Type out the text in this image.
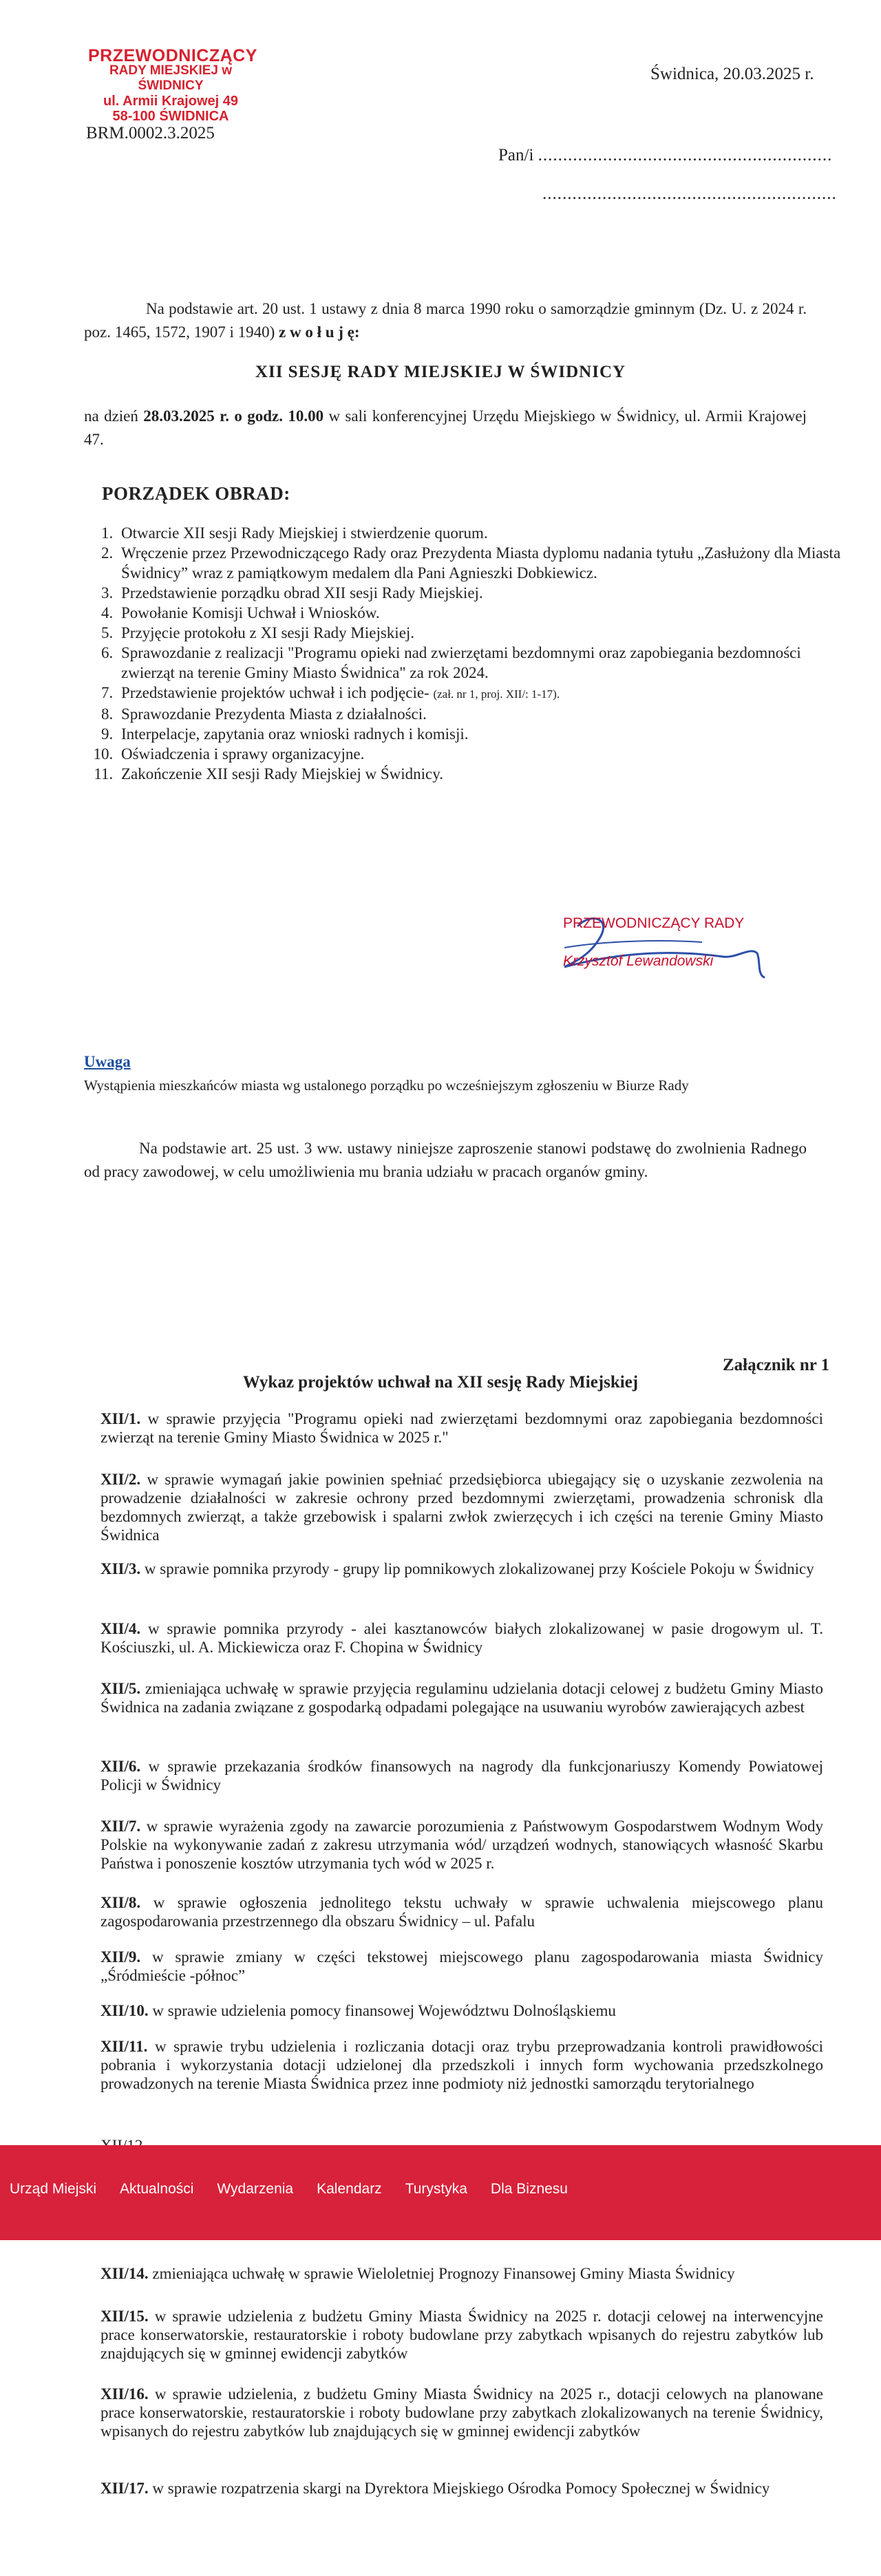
PRZEWODNICZĄCY
RADY MIEJSKIEJ w ŚWIDNICY
ul. Armii Krajowej 49
58-100 ŚWIDNICA
BRM.0002.3.2025
Świdnica, 20.03.2025 r.
Pan/i ...........................................................
...........................................................
Na podstawie art. 20 ust. 1 ustawy z dnia 8 marca 1990 roku o samorządzie gminnym (Dz. U. z 2024 r. poz. 1465, 1572, 1907 i 1940) z w o ł u j ę:
XII SESJĘ RADY MIEJSKIEJ W ŚWIDNICY
na dzień 28.03.2025 r. o godz. 10.00 w sali konferencyjnej Urzędu Miejskiego w Świdnicy, ul. Armii Krajowej 47.
PORZĄDEK OBRAD:
1. Otwarcie XII sesji Rady Miejskiej i stwierdzenie quorum.
2. Wręczenie przez Przewodniczącego Rady oraz Prezydenta Miasta dyplomu nadania tytułu „Zasłużony dla Miasta Świdnicy” wraz z pamiątkowym medalem dla Pani Agnieszki Dobkiewicz.
3. Przedstawienie porządku obrad XII sesji Rady Miejskiej.
4. Powołanie Komisji Uchwał i Wniosków.
5. Przyjęcie protokołu z XI sesji Rady Miejskiej.
6. Sprawozdanie z realizacji "Programu opieki nad zwierzętami bezdomnymi oraz zapobiegania bezdomności zwierząt na terenie Gminy Miasto Świdnica" za rok 2024.
7. Przedstawienie projektów uchwał i ich podjęcie- (zał. nr 1, proj. XII/: 1-17).
8. Sprawozdanie Prezydenta Miasta z działalności.
9. Interpelacje, zapytania oraz wnioski radnych i komisji.
10. Oświadczenia i sprawy organizacyjne.
11. Zakończenie XII sesji Rady Miejskiej w Świdnicy.
PRZEWODNICZĄCY RADY
Krzysztof Lewandowski
Uwaga
Wystąpienia mieszkańców miasta wg ustalonego porządku po wcześniejszym zgłoszeniu w Biurze Rady
Na podstawie art. 25 ust. 3 ww. ustawy niniejsze zaproszenie stanowi podstawę do zwolnienia Radnego od pracy zawodowej, w celu umożliwienia mu brania udziału w pracach organów gminy.
Załącznik nr 1
Wykaz projektów uchwał na XII sesję Rady Miejskiej
XII/1. w sprawie przyjęcia "Programu opieki nad zwierzętami bezdomnymi oraz zapobiegania bezdomności zwierząt na terenie Gminy Miasto Świdnica w 2025 r."
XII/2. w sprawie wymagań jakie powinien spełniać przedsiębiorca ubiegający się o uzyskanie zezwolenia na prowadzenie działalności w zakresie ochrony przed bezdomnymi zwierzętami, prowadzenia schronisk dla bezdomnych zwierząt, a także grzebowisk i spalarni zwłok zwierzęcych i ich części na terenie Gminy Miasto Świdnica
XII/3. w sprawie pomnika przyrody - grupy lip pomnikowych zlokalizowanej przy Kościele Pokoju w Świdnicy
XII/4. w sprawie pomnika przyrody - alei kasztanowców białych zlokalizowanej w pasie drogowym ul. T. Kościuszki, ul. A. Mickiewicza oraz F. Chopina w Świdnicy
XII/5. zmieniająca uchwałę w sprawie przyjęcia regulaminu udzielania dotacji celowej z budżetu Gminy Miasto Świdnica na zadania związane z gospodarką odpadami polegające na usuwaniu wyrobów zawierających azbest
XII/6. w sprawie przekazania środków finansowych na nagrody dla funkcjonariuszy Komendy Powiatowej Policji w Świdnicy
XII/7. w sprawie wyrażenia zgody na zawarcie porozumienia z Państwowym Gospodarstwem Wodnym Wody Polskie na wykonywanie zadań z zakresu utrzymania wód/ urządzeń wodnych, stanowiących własność Skarbu Państwa i ponoszenie kosztów utrzymania tych wód w 2025 r.
XII/8. w sprawie ogłoszenia jednolitego tekstu uchwały w sprawie uchwalenia miejscowego planu zagospodarowania przestrzennego dla obszaru Świdnicy – ul. Pafalu
XII/9. w sprawie zmiany w części tekstowej miejscowego planu zagospodarowania miasta Świdnicy „Śródmieście -północ”
XII/10. w sprawie udzielenia pomocy finansowej Województwu Dolnośląskiemu
XII/11. w sprawie trybu udzielenia i rozliczania dotacji oraz trybu przeprowadzania kontroli prawidłowości pobrania i wykorzystania dotacji udzielonej dla przedszkoli i innych form wychowania przedszkolnego prowadzonych na terenie Miasta Świdnica przez inne podmioty niż jednostki samorządu terytorialnego
Urząd Miejski Aktualności Wydarzenia Kalendarz Turystyka Dla Biznesu
XII/14. zmieniająca uchwałę w sprawie Wieloletniej Prognozy Finansowej Gminy Miasta Świdnicy
XII/15. w sprawie udzielenia z budżetu Gminy Miasta Świdnicy na 2025 r. dotacji celowej na interwencyjne prace konserwatorskie, restauratorskie i roboty budowlane przy zabytkach wpisanych do rejestru zabytków lub znajdujących się w gminnej ewidencji zabytków
XII/16. w sprawie udzielenia, z budżetu Gminy Miasta Świdnicy na 2025 r., dotacji celowych na planowane prace konserwatorskie, restauratorskie i roboty budowlane przy zabytkach zlokalizowanych na terenie Świdnicy, wpisanych do rejestru zabytków lub znajdujących się w gminnej ewidencji zabytków
XII/17. w sprawie rozpatrzenia skargi na Dyrektora Miejskiego Ośrodka Pomocy Społecznej w Świdnicy
